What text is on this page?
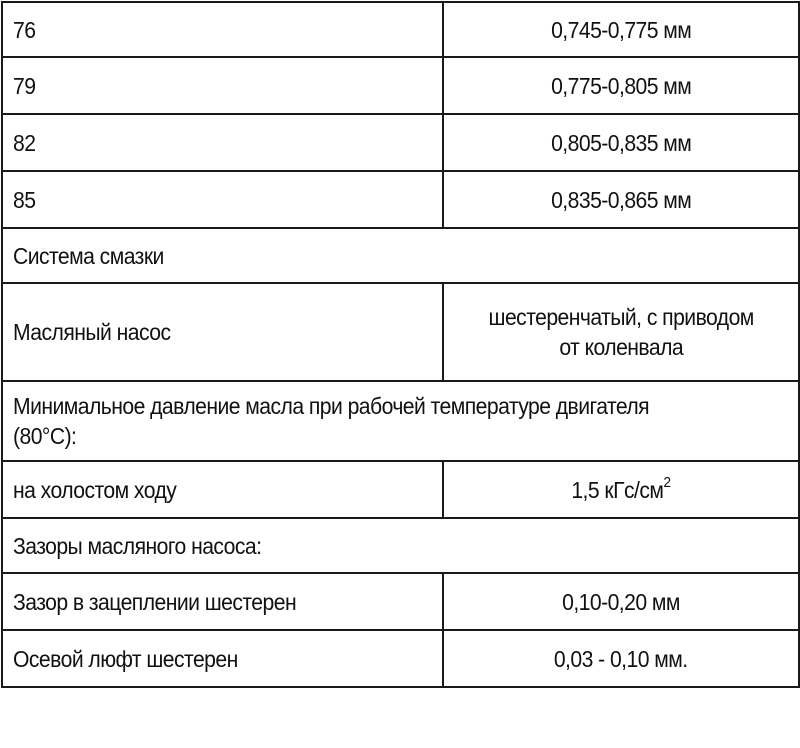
76	0,745-0,775 мм
79	0,775-0,805 мм
82	0,805-0,835 мм
85	0,835-0,865 мм
Система смазки	
Масляный насос	шестеренчатый, с приводом
от коленвала

Минимальное давление масла при рабочей температуре двигателя
(80°С):	

на холостом ходу	1,5 кГс/$см^2$
Зазоры масляного насоса:	
Зазор в зацеплении шестерен	0,10-0,20 мм
Осевой люфт шестерен	0,03 - 0,10 мм.
